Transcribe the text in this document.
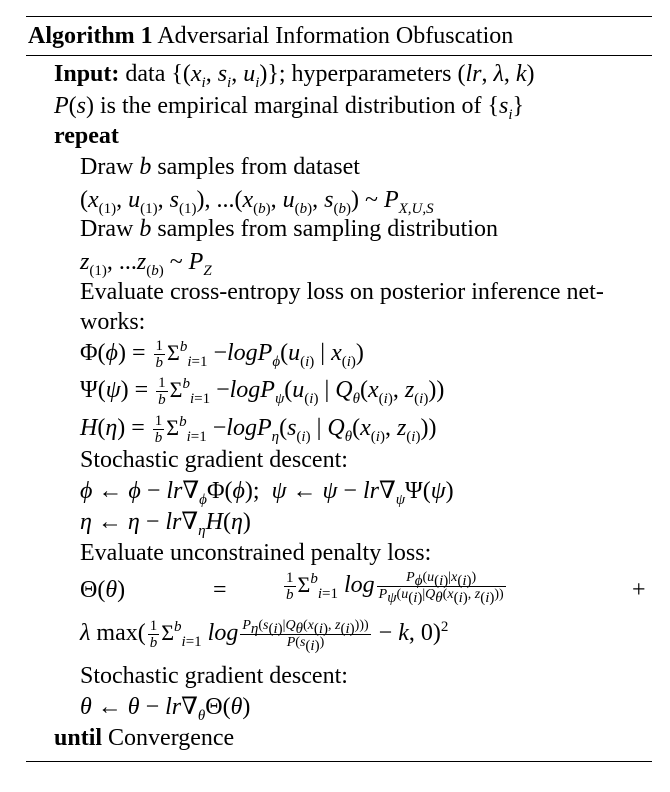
Algorithm 1 Adversarial Information Obfuscation
Input: data {($x_i$, $s_i$, $u_i$)}; hyperparameters (lr, λ, k)
P(s) is the empirical marginal distribution of $\{s_i\}$
repeat
Draw b samples from dataset
($x_{(1)}$, $u_{(1)}$, $s_{(1)}$), $...(x_{(b)}$, $u_{(b)}$, $s_{(b)}$) ~ $P_{X,U,S}$
Draw b samples from sampling distribution
$z_{(1)}$, $...z_{(b)}$ ~ $P_Z$
Evaluate cross-entropy loss on posterior inference net-
works:
$\Phi(\phi) = \frac{1}{b} \Sigma^b_{i=1} -\log P_\phi(u_{(i)}$ | $x_{(i)}$)
$\Psi(\psi) = \frac{1}{b} \Sigma^b_{i=1} -\log P_\psi(u_{(i)}$ | $Q_\theta(x_{(i)}$, $z_{(i)}$))
$H(\eta) = \frac{1}{b} \Sigma^b_{i=1} -\log P_\eta(s_{(i)}$ | $Q_\theta(x_{(i)}$, $z_{(i)}$))
Stochastic gradient descent:
ϕ ← $\phi - lr\nabla_\phi\Phi(\phi)$;  ψ ← $\psi - lr\nabla_\psi\Psi(\psi)$
η ← $\eta - lr\nabla_\eta H(\eta)$
Evaluate unconstrained penalty loss:
Θ(θ)	=	$\frac{1}{b} \Sigma^b_{i=1}$ $\log \frac{P_\phi(u_{(i)}|x_{(i)})}{P_\psi(u_{(i)}|Q_\theta(x_{(i)}, z_{(i)}))}$	+
λ $\max( \frac{1}{b} \Sigma^b_{i=1}$ $\log \frac{P_\eta(s_{(i)}|Q_\theta(x_{(i)}, z_{(i)})))}{P(s_{(i)})} - k$, 0)$^2$
Stochastic gradient descent:
θ ← $\theta - lr\nabla_\theta\Theta(\theta)$
until Convergence
